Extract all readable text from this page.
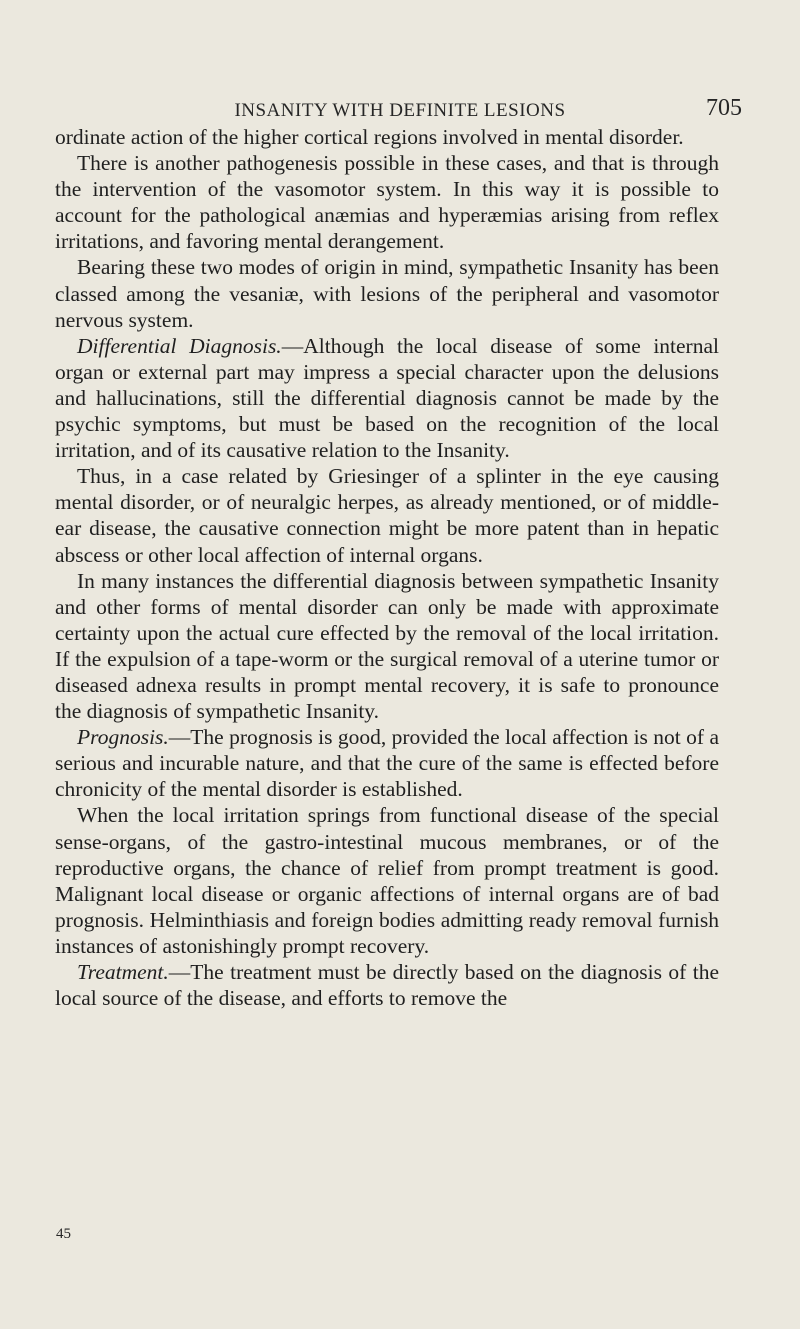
INSANITY WITH DEFINITE LESIONS	705

ordinate action of the higher cortical regions involved in mental disorder.

There is another pathogenesis possible in these cases, and that is through the intervention of the vasomotor system. In this way it is possible to account for the pathological anæmias and hyperæmias arising from reflex irritations, and favoring mental derangement.

Bearing these two modes of origin in mind, sympathetic Insanity has been classed among the vesaniæ, with lesions of the peripheral and vasomotor nervous system.

Differential Diagnosis.—Although the local disease of some internal organ or external part may impress a special character upon the delusions and hallucinations, still the differential diagnosis cannot be made by the psychic symptoms, but must be based on the recognition of the local irritation, and of its causative relation to the Insanity.

Thus, in a case related by Griesinger of a splinter in the eye causing mental disorder, or of neuralgic herpes, as already mentioned, or of middle-ear disease, the causative connection might be more patent than in hepatic abscess or other local affection of internal organs.

In many instances the differential diagnosis between sympathetic Insanity and other forms of mental disorder can only be made with approximate certainty upon the actual cure effected by the removal of the local irritation. If the expulsion of a tape-worm or the surgical removal of a uterine tumor or diseased adnexa results in prompt mental recovery, it is safe to pronounce the diagnosis of sympathetic Insanity.

Prognosis.—The prognosis is good, provided the local affection is not of a serious and incurable nature, and that the cure of the same is effected before chronicity of the mental disorder is established.

When the local irritation springs from functional disease of the special sense-organs, of the gastro-intestinal mucous membranes, or of the reproductive organs, the chance of relief from prompt treatment is good. Malignant local disease or organic affections of internal organs are of bad prognosis. Helminthiasis and foreign bodies admitting ready removal furnish instances of astonishingly prompt recovery.

Treatment.—The treatment must be directly based on the diagnosis of the local source of the disease, and efforts to remove the

45
